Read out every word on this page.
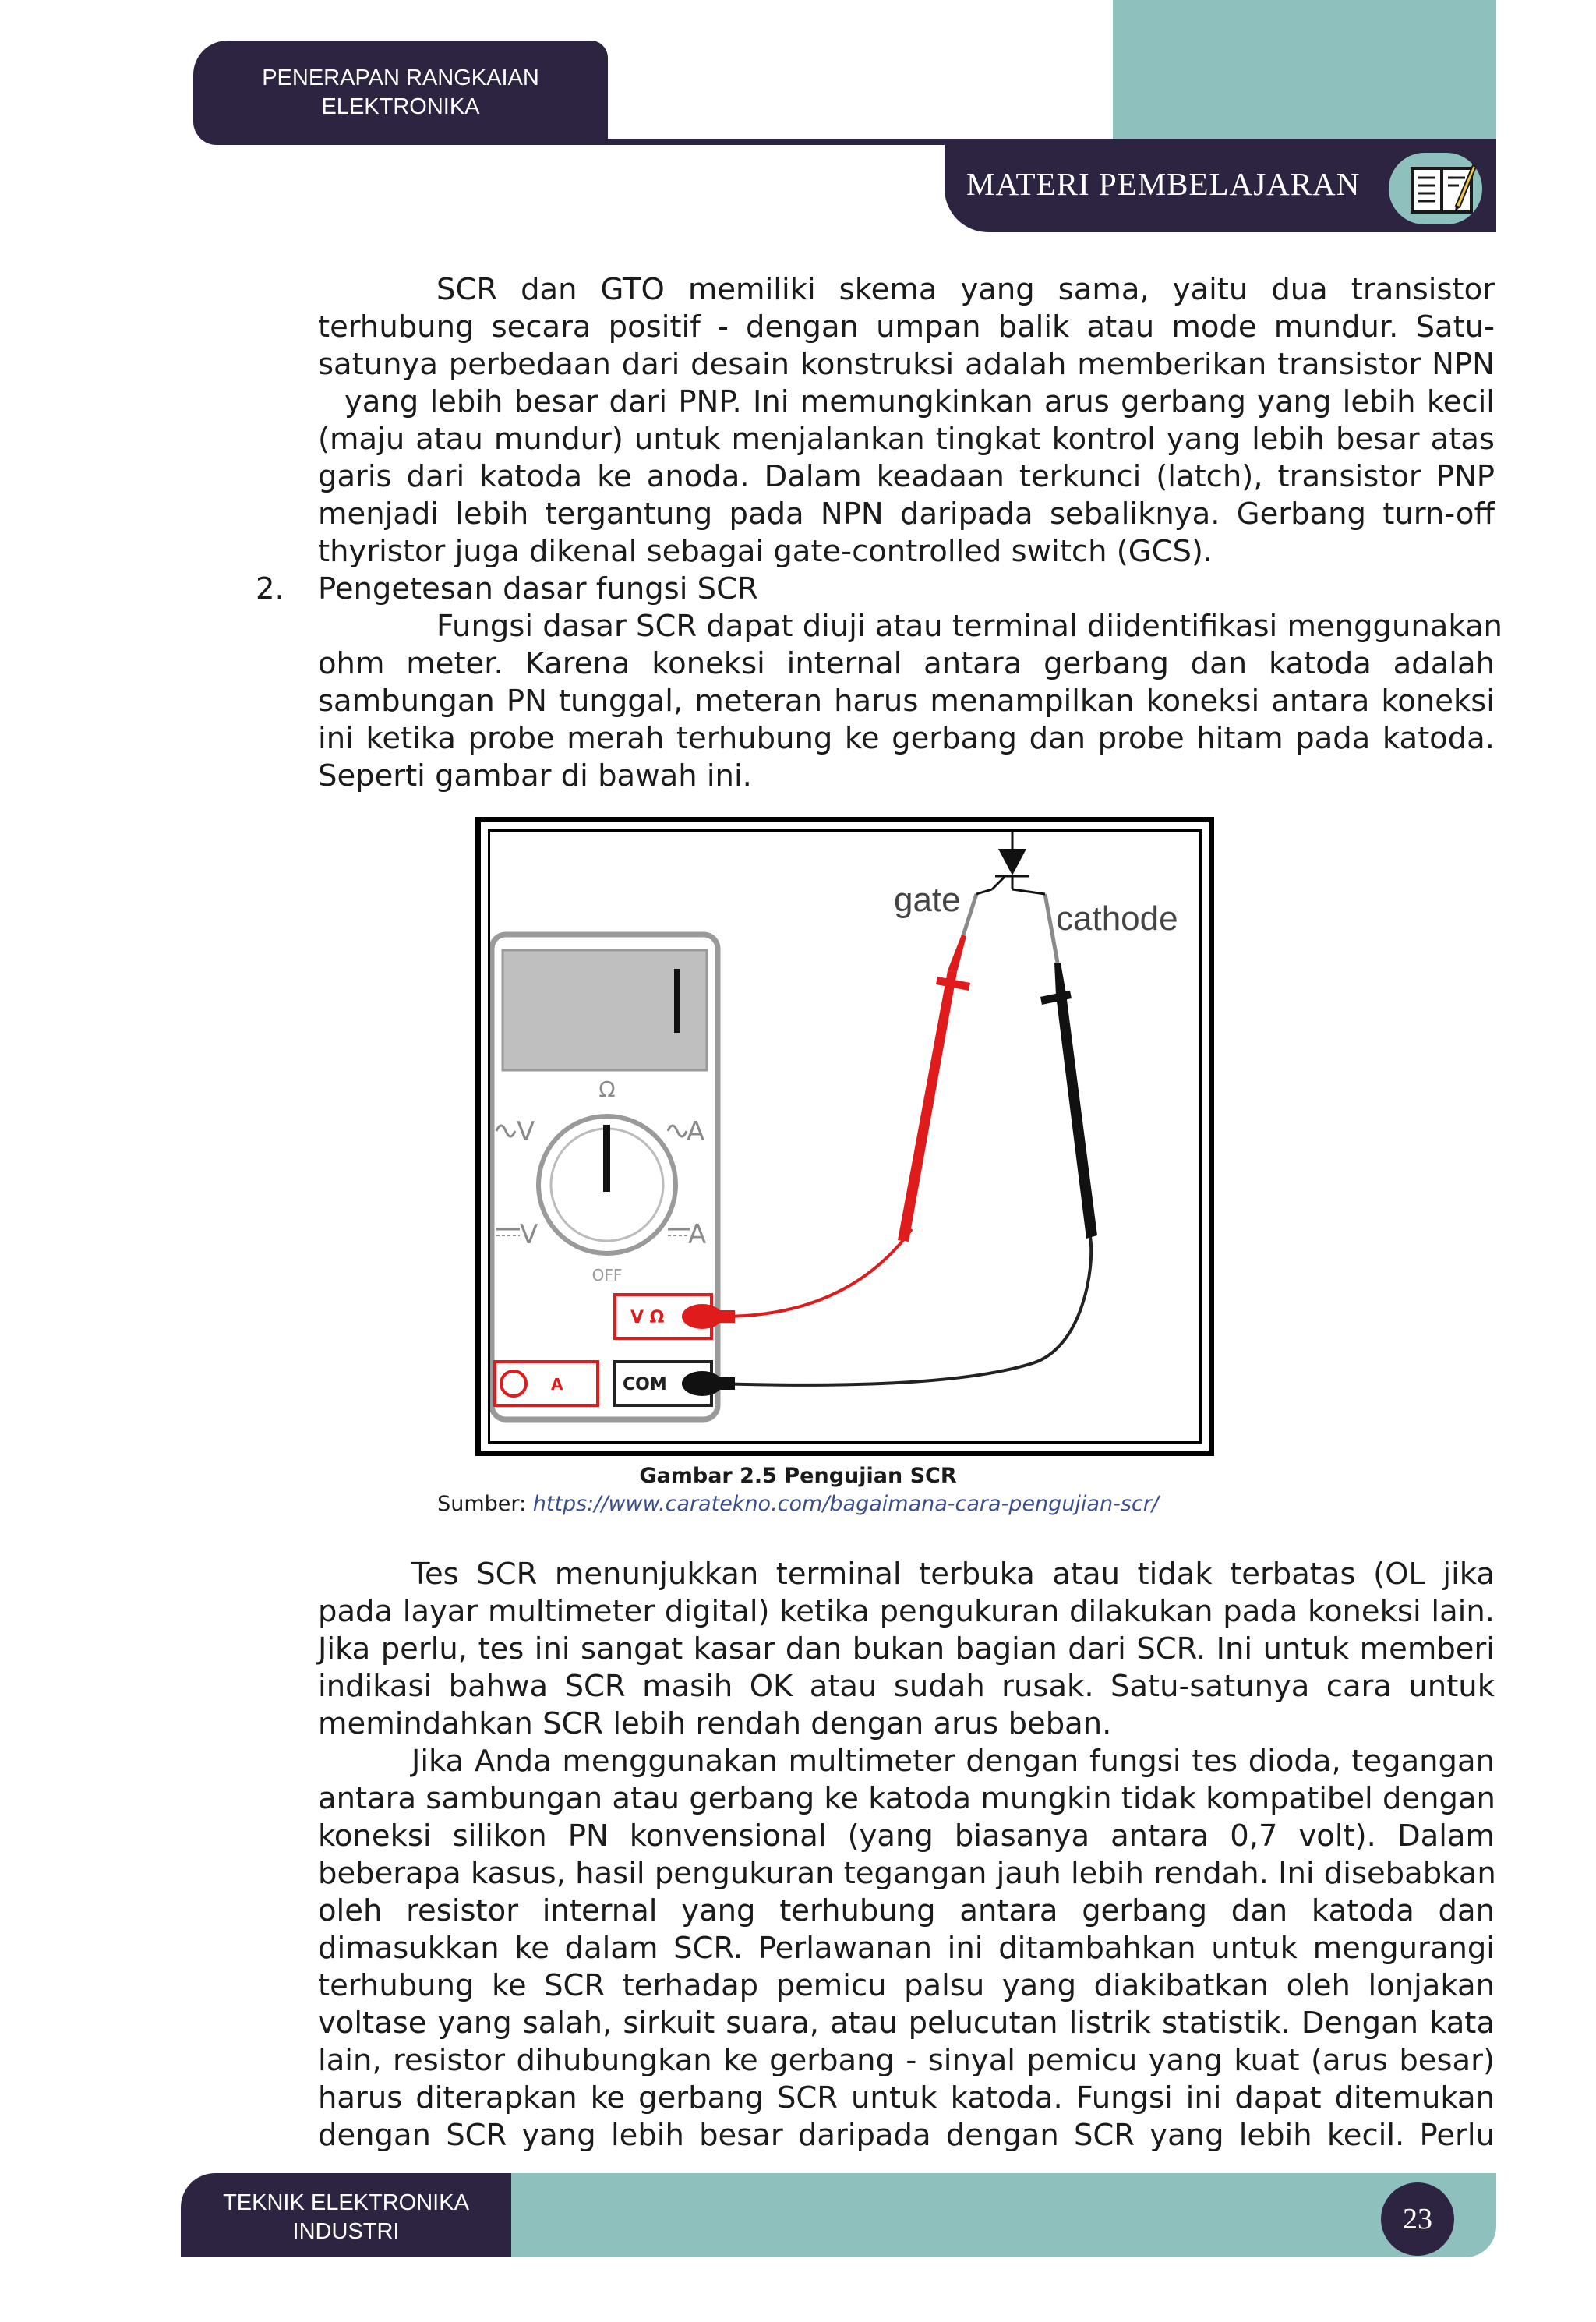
PENERAPAN RANGKAIAN
ELEKTRONIKA
MATERI PEMBELAJARAN
SCR dan GTO memiliki skema yang sama, yaitu dua transistor
terhubung secara positif - dengan umpan balik atau mode mundur. Satu-
satunya perbedaan dari desain konstruksi adalah memberikan transistor NPN
yang lebih besar dari PNP. Ini memungkinkan arus gerbang yang lebih kecil
(maju atau mundur) untuk menjalankan tingkat kontrol yang lebih besar atas
garis dari katoda ke anoda. Dalam keadaan terkunci (latch), transistor PNP
menjadi lebih tergantung pada NPN daripada sebaliknya. Gerbang turn-off
thyristor juga dikenal sebagai gate-controlled switch (GCS).
2. Pengetesan dasar fungsi SCR
Fungsi dasar SCR dapat diuji atau terminal diidentifikasi menggunakan
ohm meter. Karena koneksi internal antara gerbang dan katoda adalah
sambungan PN tunggal, meteran harus menampilkan koneksi antara koneksi
ini ketika probe merah terhubung ke gerbang dan probe hitam pada katoda.
Seperti gambar di bawah ini.
Ω
V	A
V	A
OFF
V Ω
A	COM
gate	cathode
Gambar 2.5 Pengujian SCR
Sumber: https://www.caratekno.com/bagaimana-cara-pengujian-scr/
Tes SCR menunjukkan terminal terbuka atau tidak terbatas (OL jika
pada layar multimeter digital) ketika pengukuran dilakukan pada koneksi lain.
Jika perlu, tes ini sangat kasar dan bukan bagian dari SCR. Ini untuk memberi
indikasi bahwa SCR masih OK atau sudah rusak. Satu-satunya cara untuk
memindahkan SCR lebih rendah dengan arus beban.
Jika Anda menggunakan multimeter dengan fungsi tes dioda, tegangan
antara sambungan atau gerbang ke katoda mungkin tidak kompatibel dengan
koneksi silikon PN konvensional (yang biasanya antara 0,7 volt). Dalam
beberapa kasus, hasil pengukuran tegangan jauh lebih rendah. Ini disebabkan
oleh resistor internal yang terhubung antara gerbang dan katoda dan
dimasukkan ke dalam SCR. Perlawanan ini ditambahkan untuk mengurangi
terhubung ke SCR terhadap pemicu palsu yang diakibatkan oleh lonjakan
voltase yang salah, sirkuit suara, atau pelucutan listrik statistik. Dengan kata
lain, resistor dihubungkan ke gerbang - sinyal pemicu yang kuat (arus besar)
harus diterapkan ke gerbang SCR untuk katoda. Fungsi ini dapat ditemukan
dengan SCR yang lebih besar daripada dengan SCR yang lebih kecil. Perlu
TEKNIK ELEKTRONIKA
INDUSTRI	23
